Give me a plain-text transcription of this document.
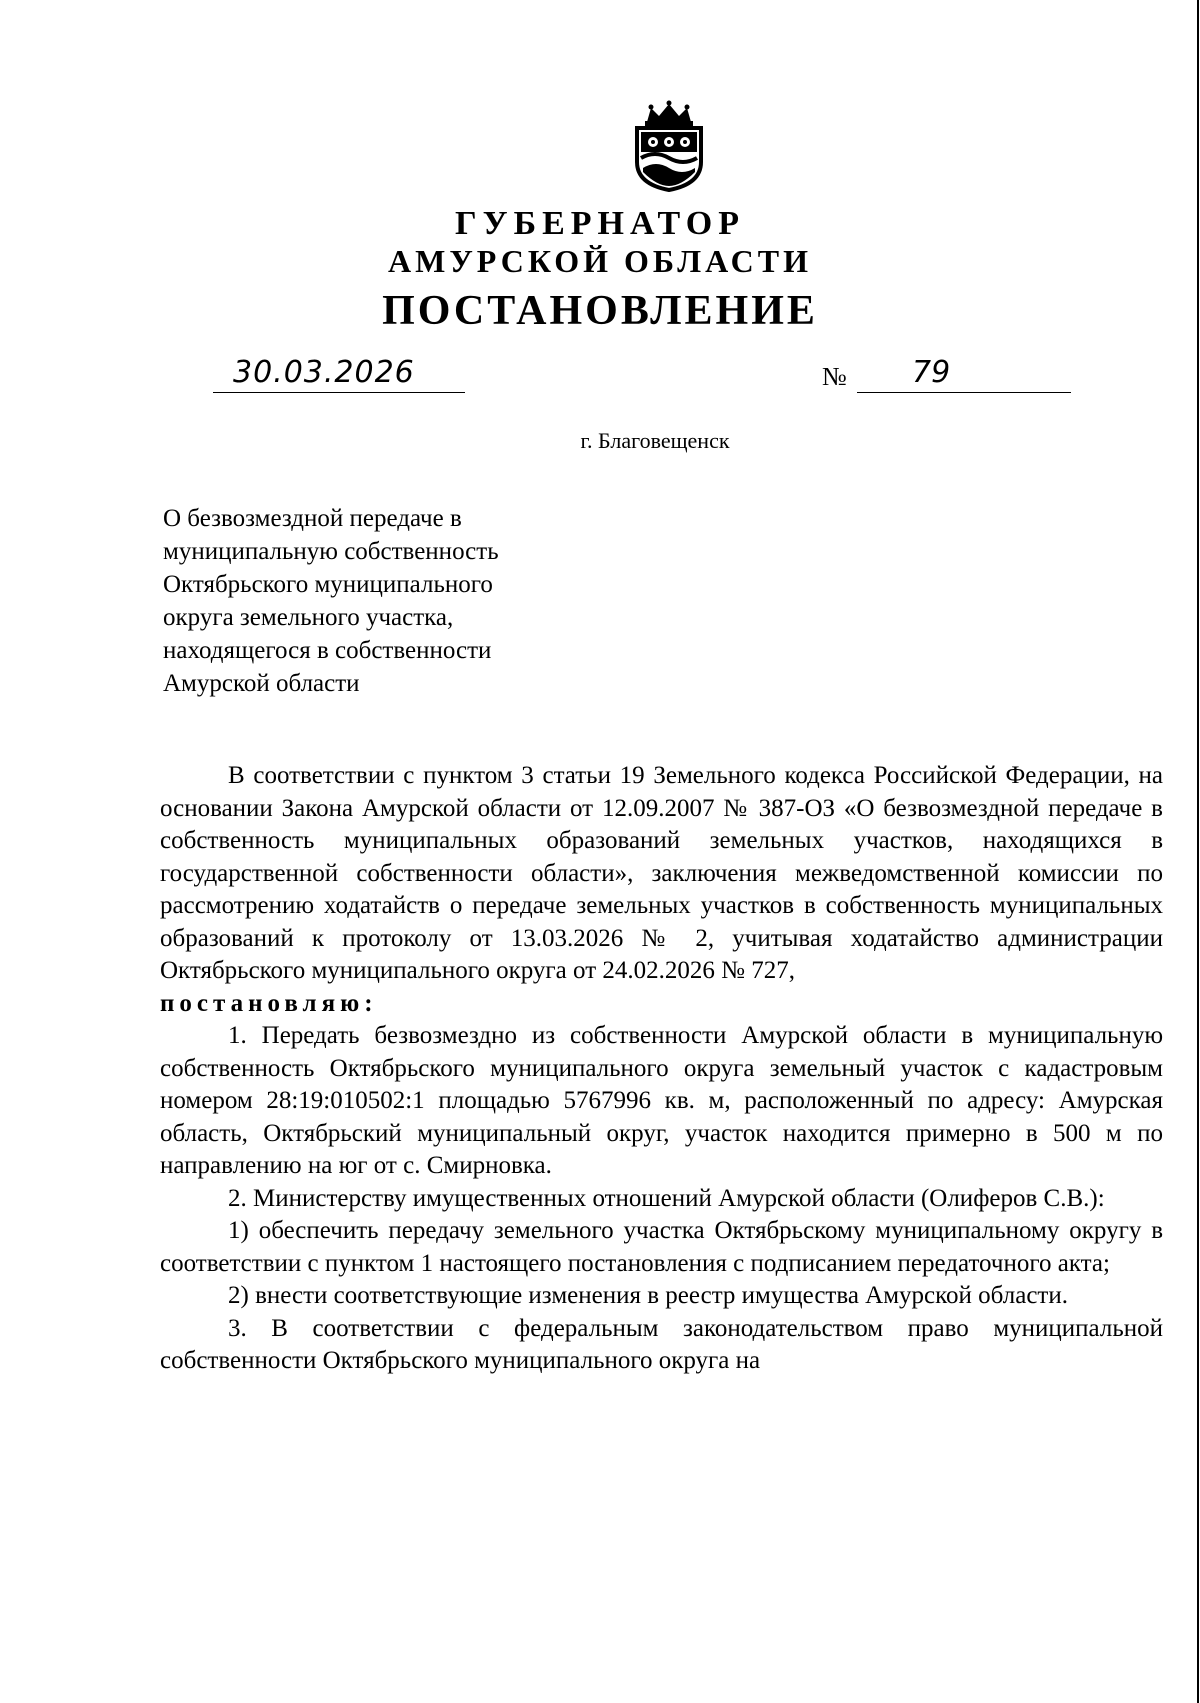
ГУБЕРНАТОР
АМУРСКОЙ ОБЛАСТИ
ПОСТАНОВЛЕНИЕ
30.03.2026	№ 79
г. Благовещенск
О безвозмездной передаче в
муниципальную собственность
Октябрьского муниципального
округа земельного участка,
находящегося в собственности
Амурской области

В соответствии с пунктом 3 статьи 19 Земельного кодекса Российской Федерации, на основании Закона Амурской области от 12.09.2007 № 387-ОЗ «О безвозмездной передаче в собственность муниципальных образований земельных участков, находящихся в государственной собственности области», заключения межведомственной комиссии по рассмотрению ходатайств о передаче земельных участков в собственность муниципальных образований к протоколу от 13.03.2026 № 2, учитывая ходатайство администрации Октябрьского муниципального округа от 24.02.2026 № 727,

постановляю:

1. Передать безвозмездно из собственности Амурской области в муниципальную собственность Октябрьского муниципального округа земельный участок с кадастровым номером 28:19:010502:1 площадью 5767996 кв. м, расположенный по адресу: Амурская область, Октябрьский муниципальный округ, участок находится примерно в 500 м по направлению на юг от с. Смирновка.

2. Министерству имущественных отношений Амурской области (Олиферов С.В.):

1) обеспечить передачу земельного участка Октябрьскому муниципальному округу в соответствии с пунктом 1 настоящего постановления с подписанием передаточного акта;

2) внести соответствующие изменения в реестр имущества Амурской области.

3. В соответствии с федеральным законодательством право муниципальной собственности Октябрьского муниципального округа на
